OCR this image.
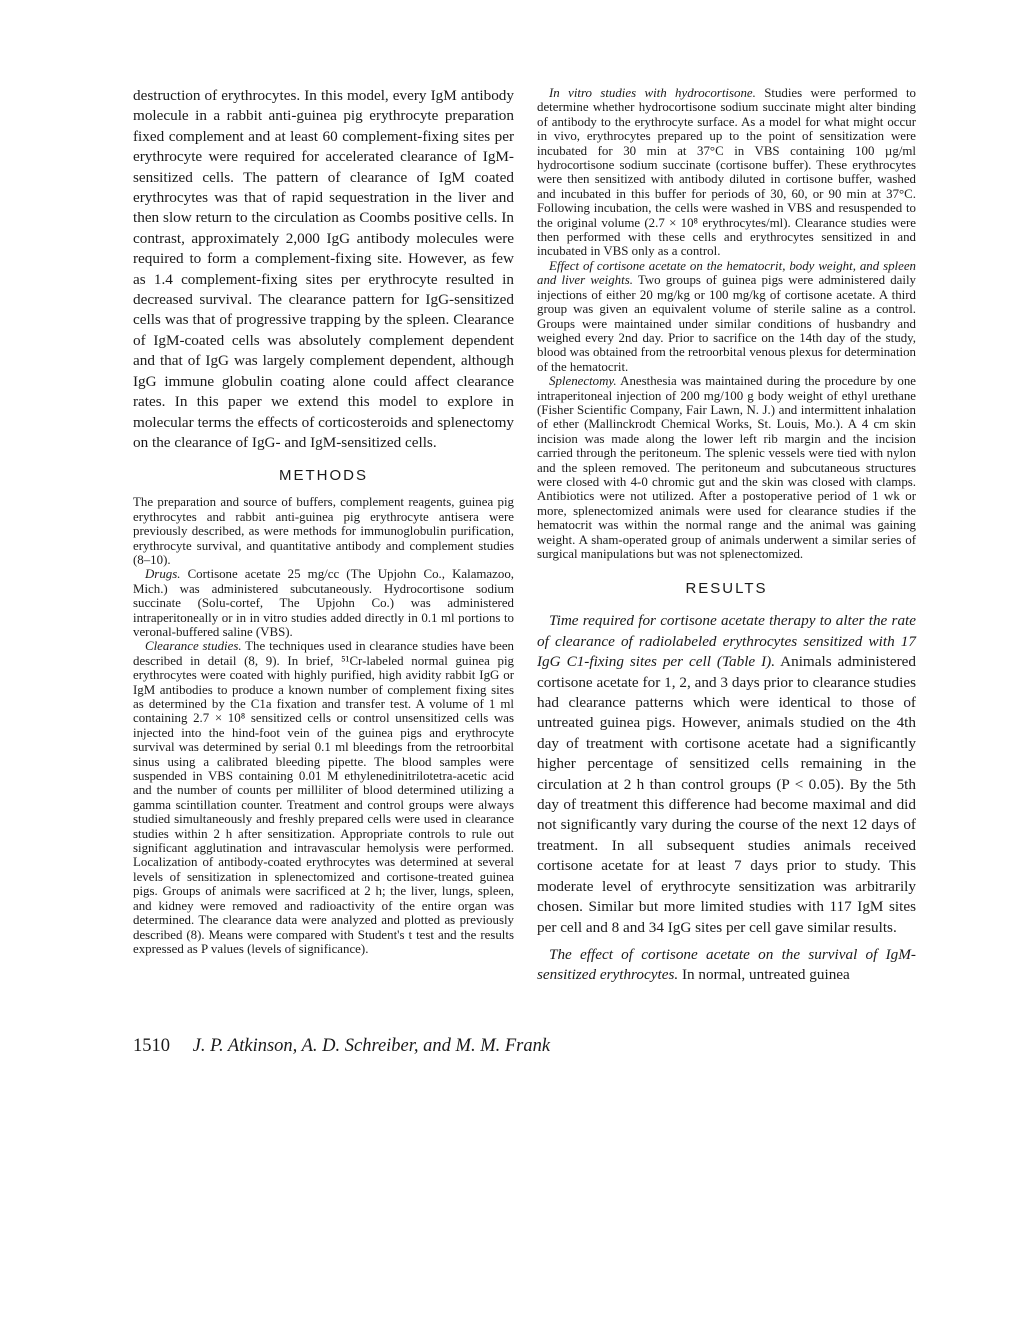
destruction of erythrocytes. In this model, every IgM antibody molecule in a rabbit anti-guinea pig erythrocyte preparation fixed complement and at least 60 complement-fixing sites per erythrocyte were required for accelerated clearance of IgM-sensitized cells. The pattern of clearance of IgM coated erythrocytes was that of rapid sequestration in the liver and then slow return to the circulation as Coombs positive cells. In contrast, approximately 2,000 IgG antibody molecules were required to form a complement-fixing site. However, as few as 1.4 complement-fixing sites per erythrocyte resulted in decreased survival. The clearance pattern for IgG-sensitized cells was that of progressive trapping by the spleen. Clearance of IgM-coated cells was absolutely complement dependent and that of IgG was largely complement dependent, although IgG immune globulin coating alone could affect clearance rates. In this paper we extend this model to explore in molecular terms the effects of corticosteroids and splenectomy on the clearance of IgG- and IgM-sensitized cells.

METHODS

The preparation and source of buffers, complement reagents, guinea pig erythrocytes and rabbit anti-guinea pig erythrocyte antisera were previously described, as were methods for immunoglobulin purification, erythrocyte survival, and quantitative antibody and complement studies (8–10).

Drugs. Cortisone acetate 25 mg/cc (The Upjohn Co., Kalamazoo, Mich.) was administered subcutaneously. Hydrocortisone sodium succinate (Solu-cortef, The Upjohn Co.) was administered intraperitoneally or in in vitro studies added directly in 0.1 ml portions to veronal-buffered saline (VBS).

Clearance studies. The techniques used in clearance studies have been described in detail (8, 9). In brief, ⁵¹Cr-labeled normal guinea pig erythrocytes were coated with highly purified, high avidity rabbit IgG or IgM antibodies to produce a known number of complement fixing sites as determined by the C1a fixation and transfer test. A volume of 1 ml containing 2.7 × 10⁸ sensitized cells or control unsensitized cells was injected into the hind-foot vein of the guinea pigs and erythrocyte survival was determined by serial 0.1 ml bleedings from the retroorbital sinus using a calibrated bleeding pipette. The blood samples were suspended in VBS containing 0.01 M ethylenedinitrilotetra-acetic acid and the number of counts per milliliter of blood determined utilizing a gamma scintillation counter. Treatment and control groups were always studied simultaneously and freshly prepared cells were used in clearance studies within 2 h after sensitization. Appropriate controls to rule out significant agglutination and intravascular hemolysis were performed. Localization of antibody-coated erythrocytes was determined at several levels of sensitization in splenectomized and cortisone-treated guinea pigs. Groups of animals were sacrificed at 2 h; the liver, lungs, spleen, and kidney were removed and radioactivity of the entire organ was determined. The clearance data were analyzed and plotted as previously described (8). Means were compared with Student's t test and the results expressed as P values (levels of significance).

In vitro studies with hydrocortisone. Studies were performed to determine whether hydrocortisone sodium succinate might alter binding of antibody to the erythrocyte surface. As a model for what might occur in vivo, erythrocytes prepared up to the point of sensitization were incubated for 30 min at 37°C in VBS containing 100 µg/ml hydrocortisone sodium succinate (cortisone buffer). These erythrocytes were then sensitized with antibody diluted in cortisone buffer, washed and incubated in this buffer for periods of 30, 60, or 90 min at 37°C. Following incubation, the cells were washed in VBS and resuspended to the original volume (2.7 × 10⁸ erythrocytes/ml). Clearance studies were then performed with these cells and erythrocytes sensitized in and incubated in VBS only as a control.

Effect of cortisone acetate on the hematocrit, body weight, and spleen and liver weights. Two groups of guinea pigs were administered daily injections of either 20 mg/kg or 100 mg/kg of cortisone acetate. A third group was given an equivalent volume of sterile saline as a control. Groups were maintained under similar conditions of husbandry and weighed every 2nd day. Prior to sacrifice on the 14th day of the study, blood was obtained from the retroorbital venous plexus for determination of the hematocrit.

Splenectomy. Anesthesia was maintained during the procedure by one intraperitoneal injection of 200 mg/100 g body weight of ethyl urethane (Fisher Scientific Company, Fair Lawn, N. J.) and intermittent inhalation of ether (Mallinckrodt Chemical Works, St. Louis, Mo.). A 4 cm skin incision was made along the lower left rib margin and the incision carried through the peritoneum. The splenic vessels were tied with nylon and the spleen removed. The peritoneum and subcutaneous structures were closed with 4-0 chromic gut and the skin was closed with clamps. Antibiotics were not utilized. After a postoperative period of 1 wk or more, splenectomized animals were used for clearance studies if the hematocrit was within the normal range and the animal was gaining weight. A sham-operated group of animals underwent a similar series of surgical manipulations but was not splenectomized.

RESULTS

Time required for cortisone acetate therapy to alter the rate of clearance of radiolabeled erythrocytes sensitized with 17 IgG C1-fixing sites per cell (Table I). Animals administered cortisone acetate for 1, 2, and 3 days prior to clearance studies had clearance patterns which were identical to those of untreated guinea pigs. However, animals studied on the 4th day of treatment with cortisone acetate had a significantly higher percentage of sensitized cells remaining in the circulation at 2 h than control groups (P < 0.05). By the 5th day of treatment this difference had become maximal and did not significantly vary during the course of the next 12 days of treatment. In all subsequent studies animals received cortisone acetate for at least 7 days prior to study. This moderate level of erythrocyte sensitization was arbitrarily chosen. Similar but more limited studies with 117 IgM sites per cell and 8 and 34 IgG sites per cell gave similar results.

The effect of cortisone acetate on the survival of IgM-sensitized erythrocytes. In normal, untreated guinea

1510 J. P. Atkinson, A. D. Schreiber, and M. M. Frank
